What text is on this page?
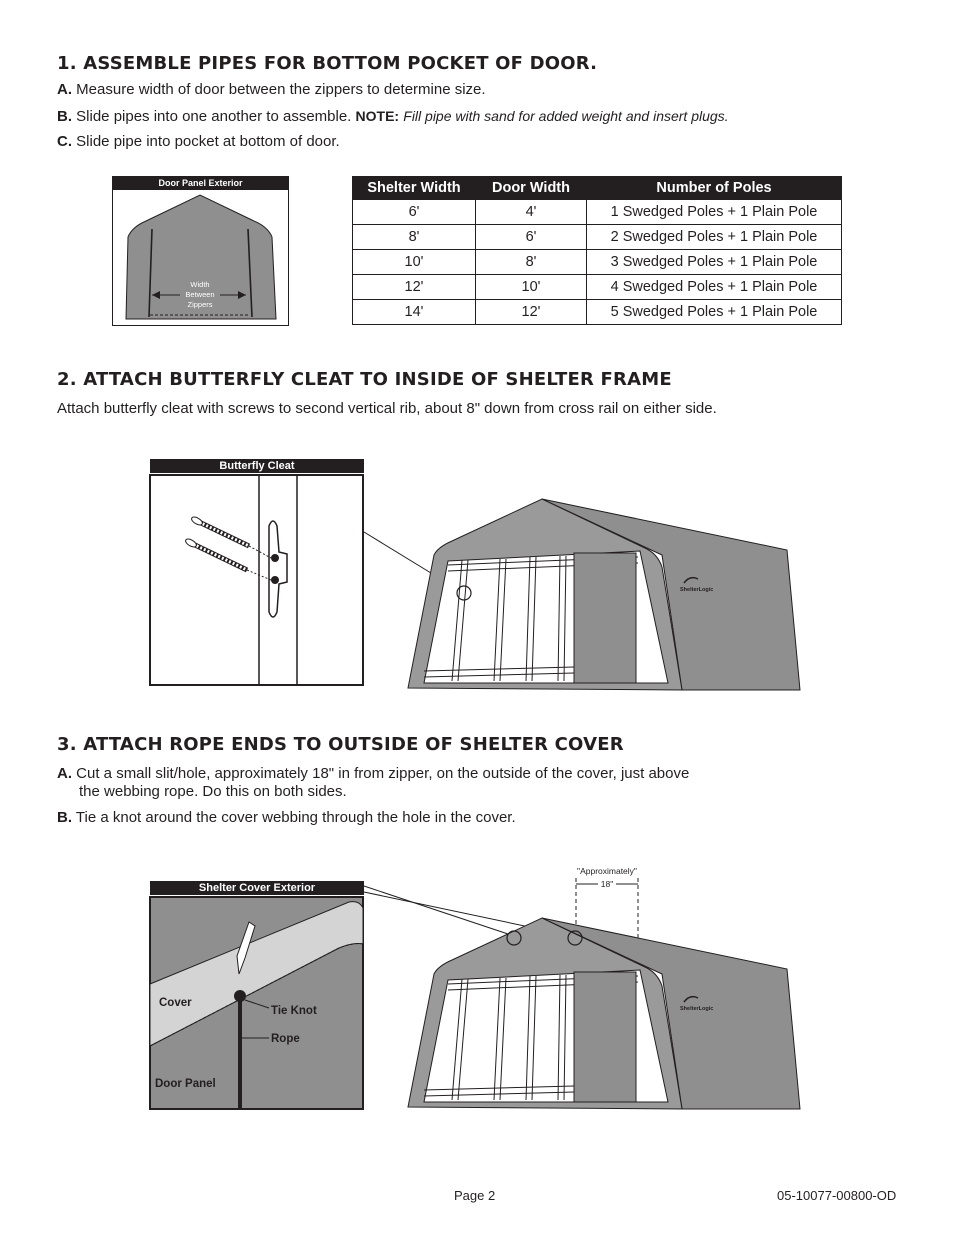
1. ASSEMBLE PIPES FOR BOTTOM POCKET OF DOOR.
A. Measure width of door between the zippers to determine size.
B. Slide pipes into one another to assemble. NOTE: Fill pipe with sand for added weight and insert plugs.
C. Slide pipe into pocket at bottom of door.
Door Panel Exterior
Width
Between
Zippers
Shelter Width	Door Width	Number of Poles
6'	4'	1 Swedged Poles + 1 Plain Pole
8'	6'	2 Swedged Poles + 1 Plain Pole
10'	8'	3 Swedged Poles + 1 Plain Pole
12'	10'	4 Swedged Poles + 1 Plain Pole
14'	12'	5 Swedged Poles + 1 Plain Pole
2. ATTACH BUTTERFLY CLEAT TO INSIDE OF SHELTER FRAME
Attach butterfly cleat with screws to second vertical rib, about 8" down from cross rail on either side.
Butterfly Cleat
ShelterLogic
3. ATTACH ROPE ENDS TO OUTSIDE OF SHELTER COVER
A. Cut a small slit/hole, approximately 18" in from zipper, on the outside of the cover, just above
the webbing rope. Do this on both sides.
B. Tie a knot around the cover webbing through the hole in the cover.
Shelter Cover Exterior
Cover
Tie Knot
Rope
Door Panel
"Approximately"
18"
ShelterLogic
Page 2	05-10077-00800-OD
